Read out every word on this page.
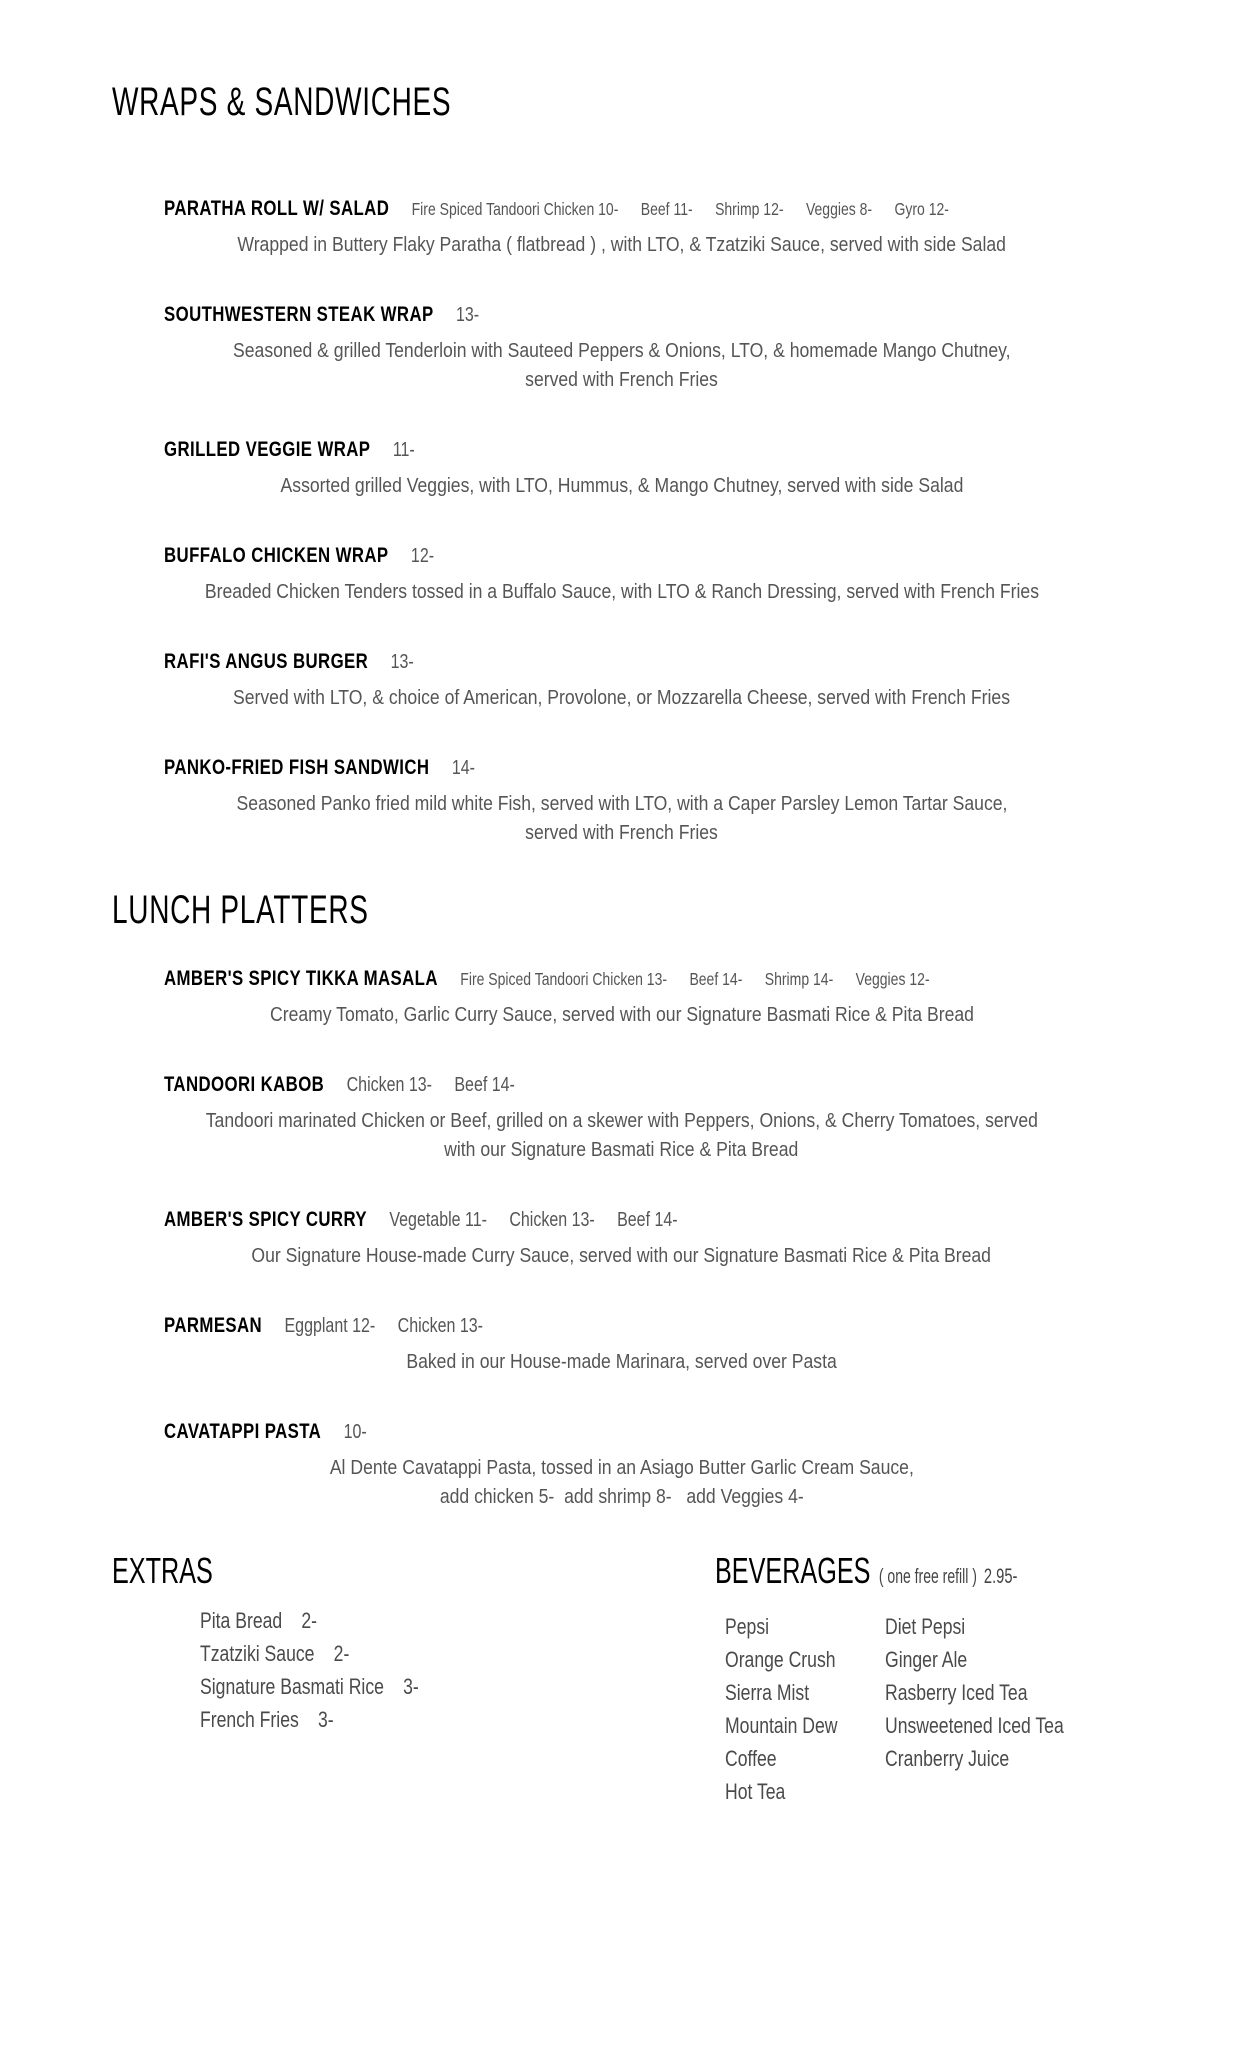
WRAPS & SANDWICHES
PARATHA ROLL W/ SALAD Fire Spiced Tandoori Chicken 10- Beef 11- Shrimp 12- Veggies 8- Gyro 12-
Wrapped in Buttery Flaky Paratha ( flatbread ) , with LTO, & Tzatziki Sauce, served with side Salad
SOUTHWESTERN STEAK WRAP 13-
Seasoned & grilled Tenderloin with Sauteed Peppers & Onions, LTO, & homemade Mango Chutney,
served with French Fries
GRILLED VEGGIE WRAP 11-
Assorted grilled Veggies, with LTO, Hummus, & Mango Chutney, served with side Salad
BUFFALO CHICKEN WRAP 12-
Breaded Chicken Tenders tossed in a Buffalo Sauce, with LTO & Ranch Dressing, served with French Fries
RAFI'S ANGUS BURGER 13-
Served with LTO, & choice of American, Provolone, or Mozzarella Cheese, served with French Fries
PANKO-FRIED FISH SANDWICH 14-
Seasoned Panko fried mild white Fish, served with LTO, with a Caper Parsley Lemon Tartar Sauce,
served with French Fries
LUNCH PLATTERS
AMBER'S SPICY TIKKA MASALA Fire Spiced Tandoori Chicken 13- Beef 14- Shrimp 14- Veggies 12-
Creamy Tomato, Garlic Curry Sauce, served with our Signature Basmati Rice & Pita Bread
TANDOORI KABOB Chicken 13- Beef 14-
Tandoori marinated Chicken or Beef, grilled on a skewer with Peppers, Onions, & Cherry Tomatoes, served
with our Signature Basmati Rice & Pita Bread
AMBER'S SPICY CURRY Vegetable 11- Chicken 13- Beef 14-
Our Signature House-made Curry Sauce, served with our Signature Basmati Rice & Pita Bread
PARMESAN Eggplant 12- Chicken 13-
Baked in our House-made Marinara, served over Pasta
CAVATAPPI PASTA 10-
Al Dente Cavatappi Pasta, tossed in an Asiago Butter Garlic Cream Sauce,
add chicken 5-  add shrimp 8-   add Veggies 4-
EXTRAS
Pita Bread 2-
Tzatziki Sauce 2-
Signature Basmati Rice 3-
French Fries 3-
BEVERAGES ( one free refill ) 2.95-
Pepsi	Diet Pepsi
Orange Crush	Ginger Ale
Sierra Mist	Rasberry Iced Tea
Mountain Dew	Unsweetened Iced Tea
Coffee	Cranberry Juice
Hot Tea
